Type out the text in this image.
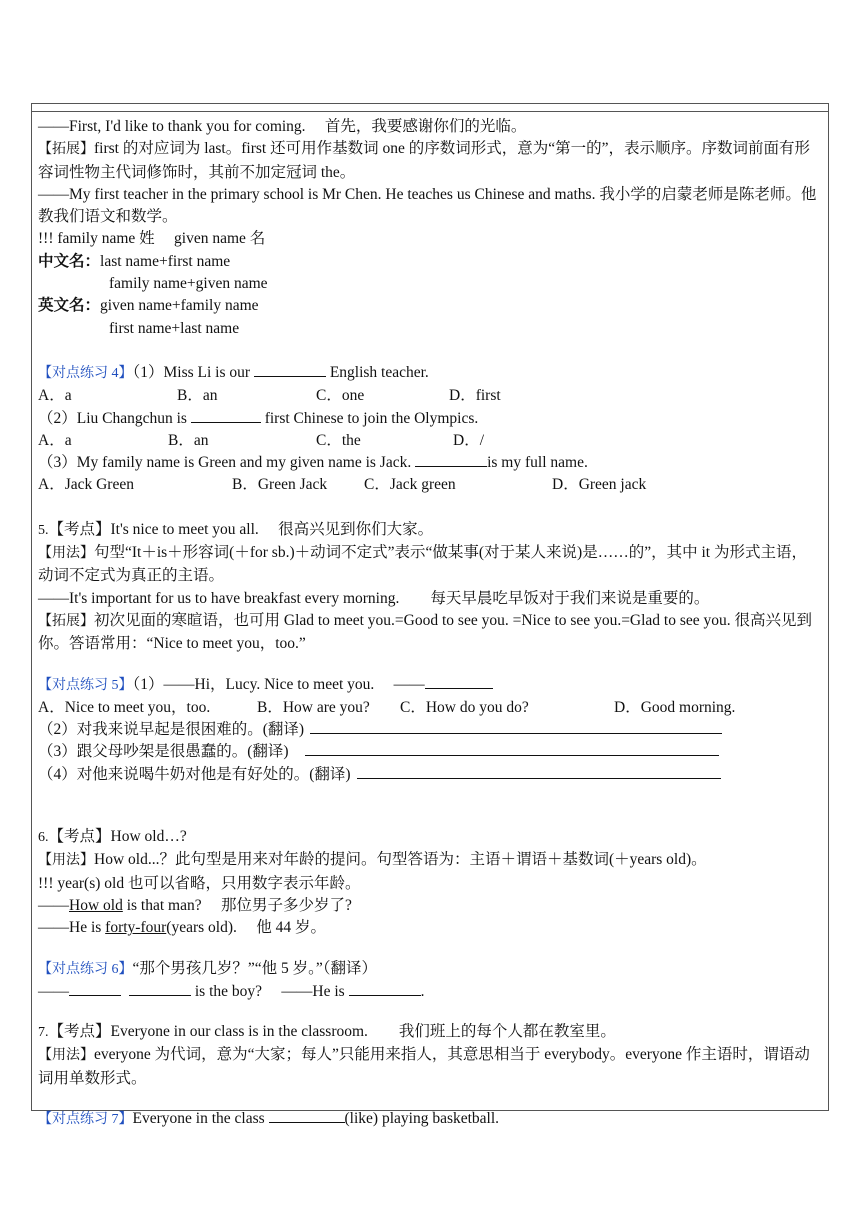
——First, I'd like to thank you for coming.　 首先，我要感谢你们的光临。
【拓展】first 的对应词为 last。first 还可用作基数词 one 的序数词形式，意为“第一的”，表示顺序。序数词前面有形容词性物主代词修饰时，其前不加定冠词 the。
——My first teacher in the primary school is Mr Chen. He teaches us Chinese and maths. 我小学的启蒙老师是陈老师。他教我们语文和数学。
!!! family name 姓　 given name 名
中文名：last name+first name
family name+given name
英文名：given name+family name
first name+last name
【对点练习 4】（1）Miss Li is our	English teacher.
A．a	B．an	C．one	D．first
（2）Liu Changchun is	first Chinese to join the Olympics.
A．a	B．an	C．the	D．/
（3）My family name is Green and my given name is Jack.	is my full name.
A．Jack Green	B．Green Jack C．Jack green	D．Green jack
5.【考点】It's nice to meet you all.　 很高兴见到你们大家。
【用法】句型“It＋is＋形容词(＋for sb.)＋动词不定式”表示“做某事(对于某人来说)是……的”，其中 it 为形式主语，动词不定式为真正的主语。
——It's important for us to have breakfast every morning.　　每天早晨吃早饭对于我们来说是重要的。
【拓展】初次见面的寒暄语，也可用 Glad to meet you.=Good to see you. =Nice to see you.=Glad to see you. 很高兴见到你。答语常用：“Nice to meet you，too.”
【对点练习 5】（1）——Hi，Lucy. Nice to meet you.　 ——
A．Nice to meet you，too.	B．How are you? C．How do you do?	D．Good morning.
（2）对我来说早起是很困难的。(翻译)
（3）跟父母吵架是很愚蠢的。(翻译)
（4）对他来说喝牛奶对他是有好处的。(翻译)
6.【考点】How old…?
【用法】How old...？此句型是用来对年龄的提问。句型答语为：主语＋谓语＋基数词(＋years old)。
!!! year(s) old 也可以省略，只用数字表示年龄。
——How old is that man?　 那位男子多少岁了?
——He is forty-four(years old).　 他 44 岁。
【对点练习 6】“那个男孩几岁？”“他 5 岁。”（翻译）
——	is the boy?　 ——He is	.
7.【考点】Everyone in our class is in the classroom.　　我们班上的每个人都在教室里。
【用法】everyone 为代词，意为“大家；每人”只能用来指人，其意思相当于 everybody。everyone 作主语时，谓语动词用单数形式。
【对点练习 7】Everyone in the class	(like) playing basketball.
